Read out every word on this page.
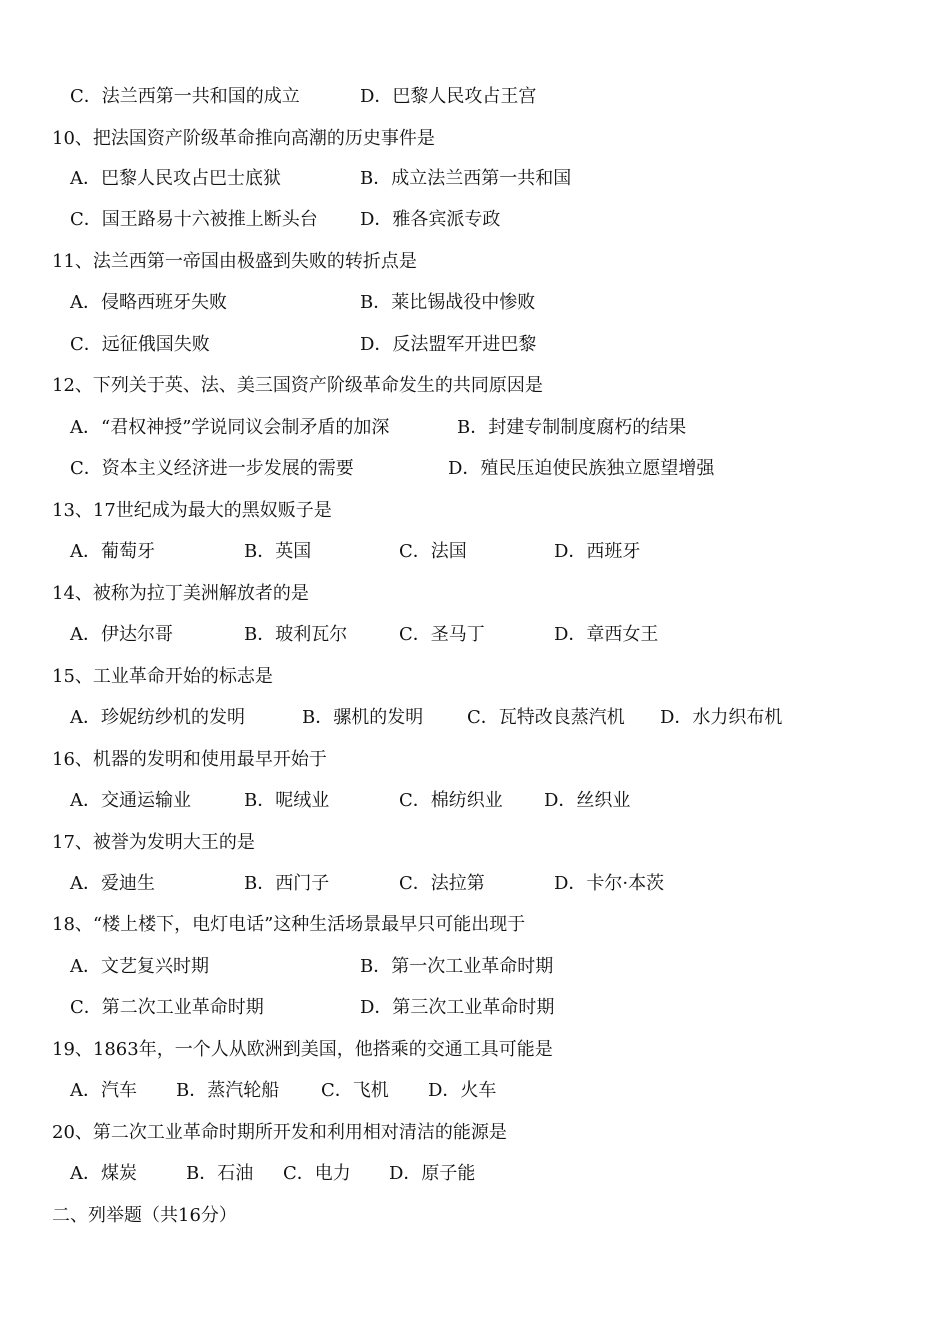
C．法兰西第一共和国的成立	D．巴黎人民攻占王宫
10、把法国资产阶级革命推向高潮的历史事件是
A．巴黎人民攻占巴士底狱	B．成立法兰西第一共和国
C．国王路易十六被推上断头台 D．雅各宾派专政
11、法兰西第一帝国由极盛到失败的转折点是
A．侵略西班牙失败	B．莱比锡战役中惨败
C．远征俄国失败	D．反法盟军开进巴黎
12、下列关于英、法、美三国资产阶级革命发生的共同原因是
A．“君权神授”学说同议会制矛盾的加深	B．封建专制制度腐朽的结果
C．资本主义经济进一步发展的需要	D．殖民压迫使民族独立愿望增强
13、17世纪成为最大的黑奴贩子是
A．葡萄牙	B．英国	C．法国	D．西班牙
14、被称为拉丁美洲解放者的是
A．伊达尔哥	B．玻利瓦尔	C．圣马丁	D．章西女王
15、工业革命开始的标志是
A．珍妮纺纱机的发明	B．骡机的发明 C．瓦特改良蒸汽机 D．水力织布机
16、机器的发明和使用最早开始于
A．交通运输业	B．呢绒业	C．棉纺织业 D．丝织业
17、被誉为发明大王的是
A．爱迪生	B．西门子	C．法拉第	D．卡尔·本茨
18、“楼上楼下，电灯电话”这种生活场景最早只可能出现于
A．文艺复兴时期	B．第一次工业革命时期
C．第二次工业革命时期	D．第三次工业革命时期
19、1863年，一个人从欧洲到美国，他搭乘的交通工具可能是
A．汽车 B．蒸汽轮船 C．飞机 D．火车
20、第二次工业革命时期所开发和利用相对清洁的能源是
A．煤炭	B．石油 C．电力 D．原子能
二、列举题（共16分）
